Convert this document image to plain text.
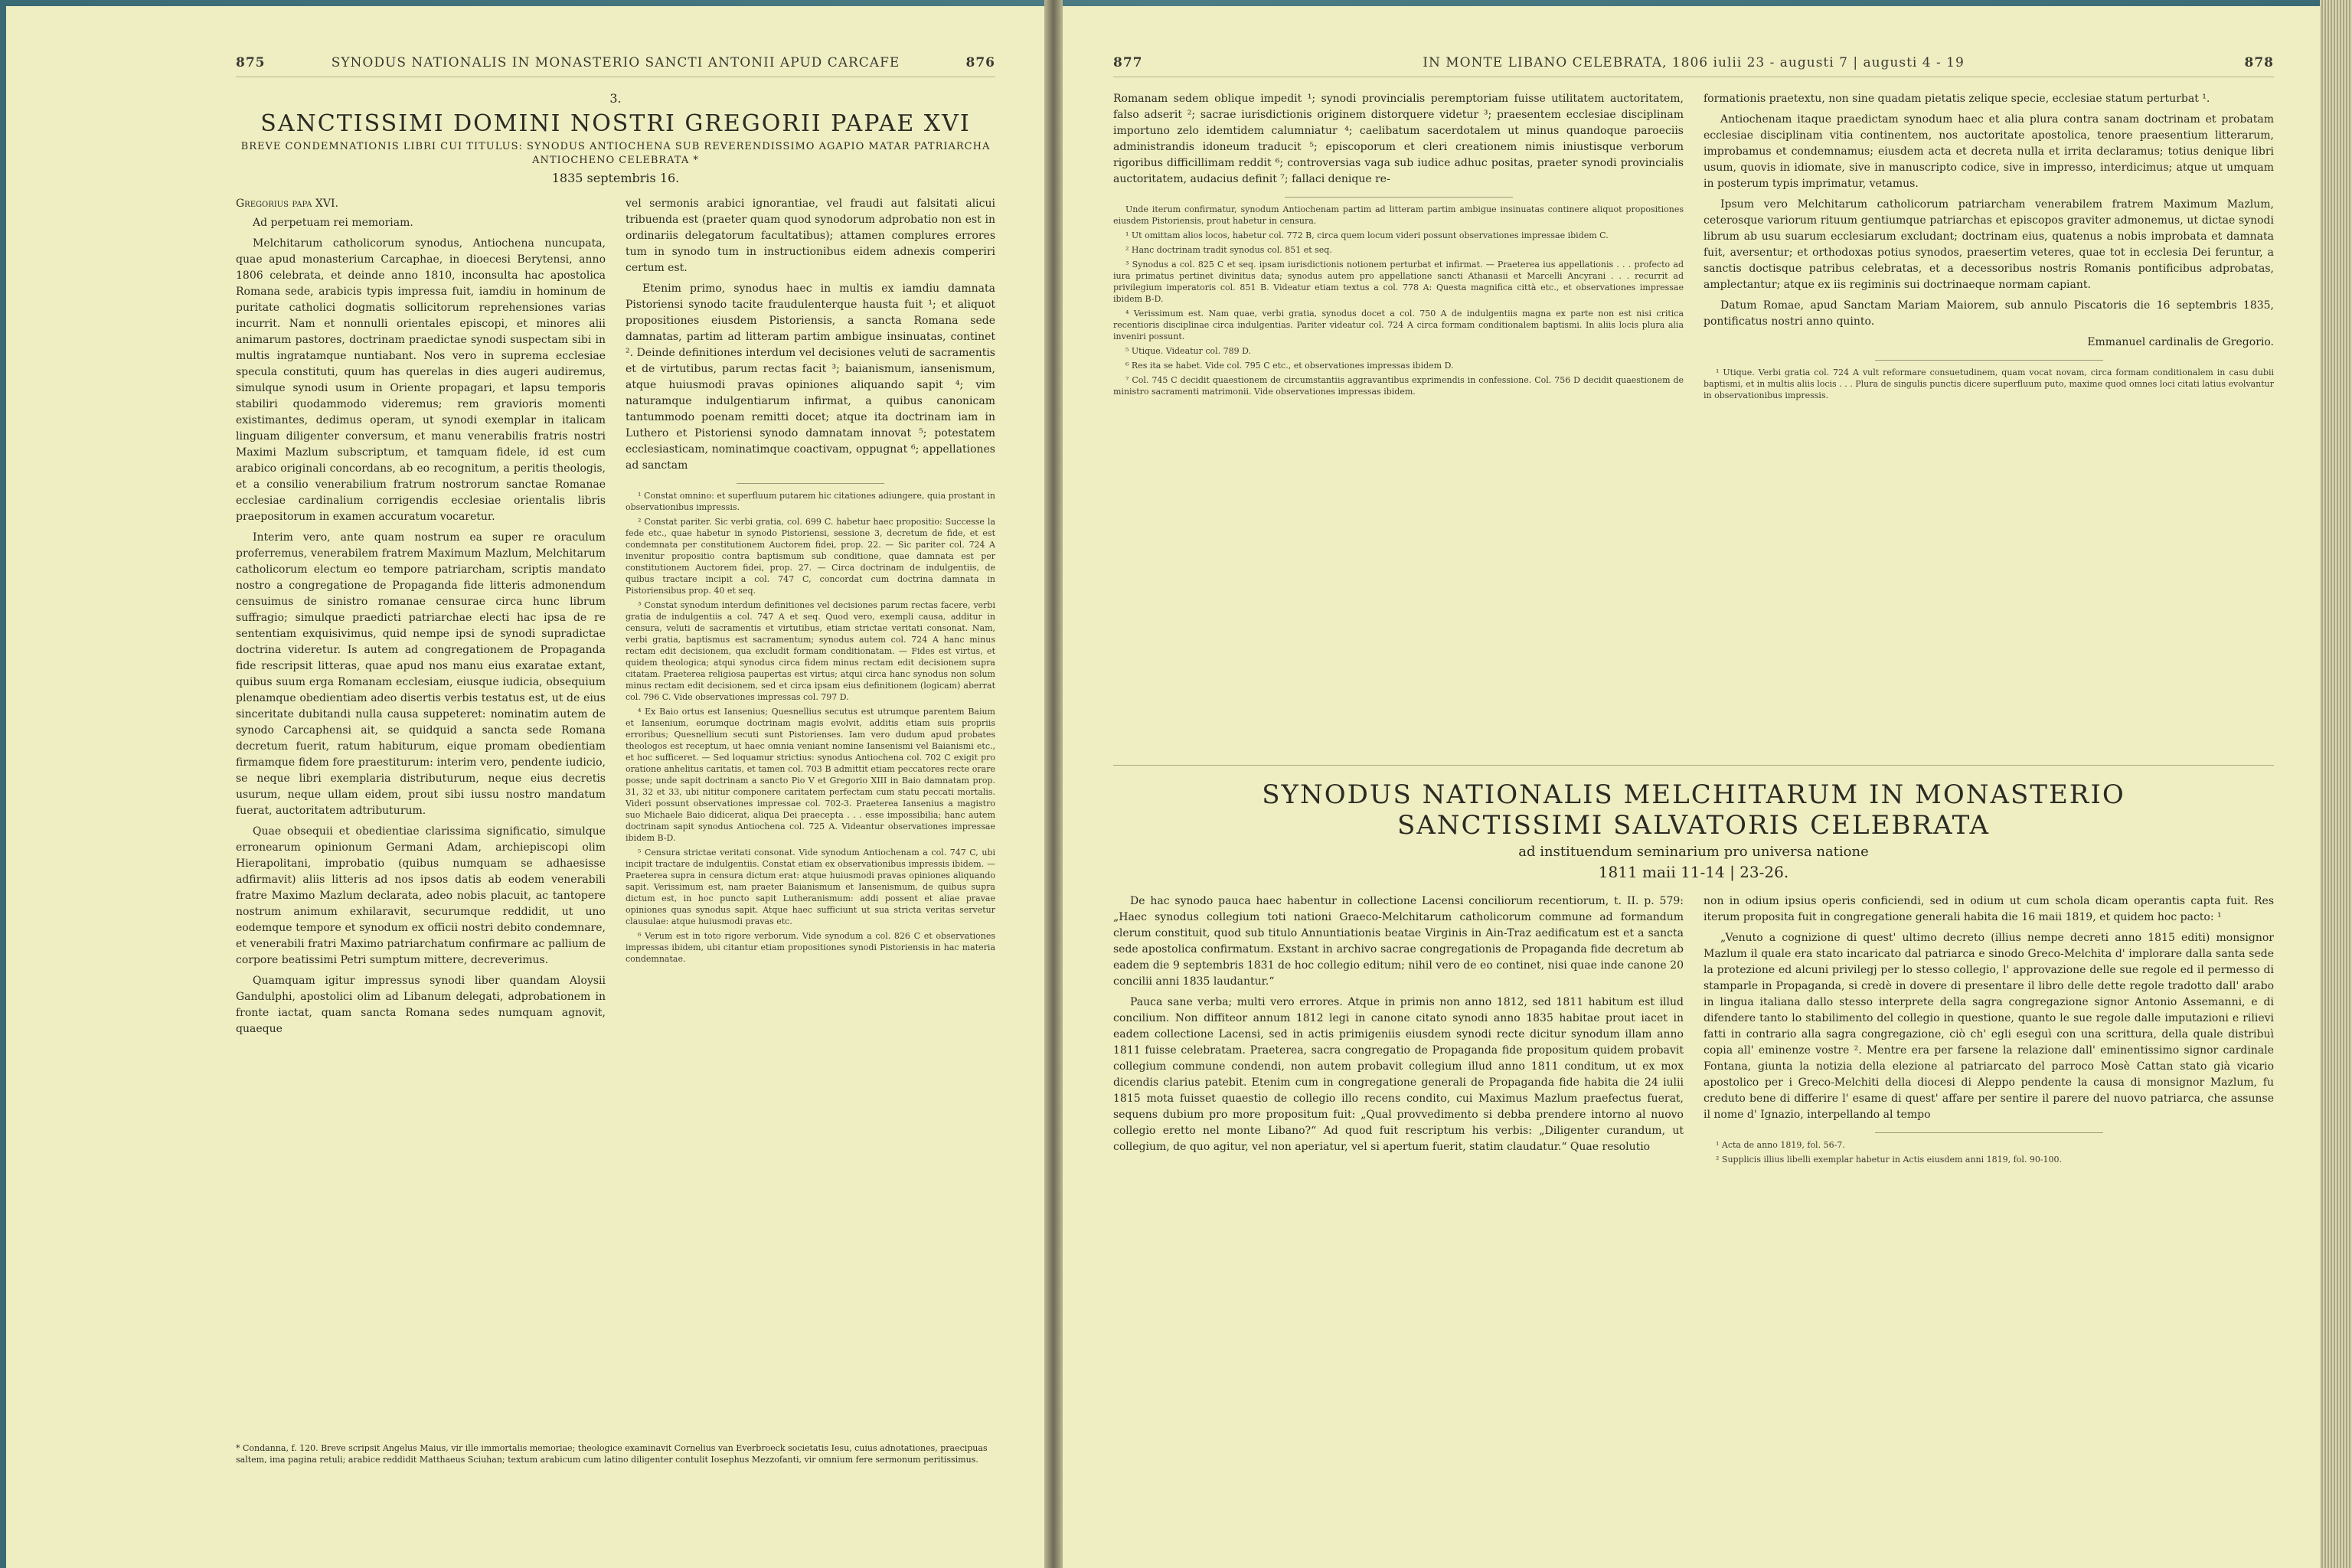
875	SYNODUS NATIONALIS IN MONASTERIO SANCTI ANTONII APUD CARCAFE	876
3.
SANCTISSIMI DOMINI NOSTRI GREGORII PAPAE XVI
BREVE CONDEMNATIONIS LIBRI CUI TITULUS: SYNODUS ANTIOCHENA SUB REVERENDISSIMO AGAPIO MATAR PATRIARCHA ANTIOCHENO CELEBRATA *
1835 septembris 16.
Gregorius papa XVI.

Ad perpetuam rei memoriam.

Melchitarum catholicorum synodus, Antiochena nuncupata, quae apud monasterium Carcaphae, in dioecesi Berytensi, anno 1806 celebrata, et deinde anno 1810, inconsulta hac apostolica Romana sede, arabicis typis impressa fuit, iamdiu in hominum de puritate catholici dogmatis sollicitorum reprehensiones varias incurrit. Nam et nonnulli orientales episcopi, et minores alii animarum pastores, doctrinam praedictae synodi suspectam sibi in multis ingratamque nuntiabant. Nos vero in suprema ecclesiae specula constituti, quum has querelas in dies augeri audiremus, simulque synodi usum in Oriente propagari, et lapsu temporis stabiliri quodammodo videremus; rem gravioris momenti existimantes, dedimus operam, ut synodi exemplar in italicam linguam diligenter conversum, et manu venerabilis fratris nostri Maximi Mazlum subscriptum, et tamquam fidele, id est cum arabico originali concordans, ab eo recognitum, a peritis theologis, et a consilio venerabilium fratrum nostrorum sanctae Romanae ecclesiae cardinalium corrigendis ecclesiae orientalis libris praepositorum in examen accuratum vocaretur.

Interim vero, ante quam nostrum ea super re oraculum proferremus, venerabilem fratrem Maximum Mazlum, Melchitarum catholicorum electum eo tempore patriarcham, scriptis mandato nostro a congregatione de Propaganda fide litteris admonendum censuimus de sinistro romanae censurae circa hunc librum suffragio; simulque praedicti patriarchae electi hac ipsa de re sententiam exquisivimus, quid nempe ipsi de synodi supradictae doctrina videretur. Is autem ad congregationem de Propaganda fide rescripsit litteras, quae apud nos manu eius exaratae extant, quibus suum erga Romanam ecclesiam, eiusque iudicia, obsequium plenamque obedientiam adeo disertis verbis testatus est, ut de eius sinceritate dubitandi nulla causa suppeteret: nominatim autem de synodo Carcaphensi ait, se quidquid a sancta sede Romana decretum fuerit, ratum habiturum, eique promam obedientiam firmamque fidem fore praestiturum: interim vero, pendente iudicio, se neque libri exemplaria distributurum, neque eius decretis usurum, neque ullam eidem, prout sibi iussu nostro mandatum fuerat, auctoritatem adtributurum.

Quae obsequii et obedientiae clarissima significatio, simulque erronearum opinionum Germani Adam, archiepiscopi olim Hierapolitani, improbatio (quibus numquam se adhaesisse adfirmavit) aliis litteris ad nos ipsos datis ab eodem venerabili fratre Maximo Mazlum declarata, adeo nobis placuit, ac tantopere nostrum animum exhilaravit, securumque reddidit, ut uno eodemque tempore et synodum ex officii nostri debito condemnare, et venerabili fratri Maximo patriarchatum confirmare ac pallium de corpore beatissimi Petri sumptum mittere, decreverimus.

Quamquam igitur impressus synodi liber quandam Aloysii Gandulphi, apostolici olim ad Libanum delegati, adprobationem in fronte iactat, quam sancta Romana sedes numquam agnovit, quaeque

vel sermonis arabici ignorantiae, vel fraudi aut falsitati alicui tribuenda est (praeter quam quod synodorum adprobatio non est in ordinariis delegatorum facultatibus); attamen complures errores tum in synodo tum in instructionibus eidem adnexis comperiri certum est.

Etenim primo, synodus haec in multis ex iamdiu damnata Pistoriensi synodo tacite fraudulenterque hausta fuit ¹; et aliquot propositiones eiusdem Pistoriensis, a sancta Romana sede damnatas, partim ad litteram partim ambigue insinuatas, continet ². Deinde definitiones interdum vel decisiones veluti de sacramentis et de virtutibus, parum rectas facit ³; baianismum, iansenismum, atque huiusmodi pravas opiniones aliquando sapit ⁴; vim naturamque indulgentiarum infirmat, a quibus canonicam tantummodo poenam remitti docet; atque ita doctrinam iam in Luthero et Pistoriensi synodo damnatam innovat ⁵; potestatem ecclesiasticam, nominatimque coactivam, oppugnat ⁶; appellationes ad sanctam

¹ Constat omnino: et superfluum putarem hic citationes adiungere, quia prostant in observationibus impressis.

² Constat pariter. Sic verbi gratia, col. 699 C. habetur haec propositio: Successe la fede etc., quae habetur in synodo Pistoriensi, sessione 3, decretum de fide, et est condemnata per constitutionem Auctorem fidei, prop. 22. — Sic pariter col. 724 A invenitur propositio contra baptismum sub conditione, quae damnata est per constitutionem Auctorem fidei, prop. 27. — Circa doctrinam de indulgentiis, de quibus tractare incipit a col. 747 C, concordat cum doctrina damnata in Pistoriensibus prop. 40 et seq.

³ Constat synodum interdum definitiones vel decisiones parum rectas facere, verbi gratia de indulgentiis a col. 747 A et seq. Quod vero, exempli causa, additur in censura, veluti de sacramentis et virtutibus, etiam strictae veritati consonat. Nam, verbi gratia, baptismus est sacramentum; synodus autem col. 724 A hanc minus rectam edit decisionem, qua excludit formam conditionatam. — Fides est virtus, et quidem theologica; atqui synodus circa fidem minus rectam edit decisionem supra citatam. Praeterea religiosa paupertas est virtus; atqui circa hanc synodus non solum minus rectam edit decisionem, sed et circa ipsam eius definitionem (logicam) aberrat col. 796 C. Vide observationes impressas col. 797 D.

⁴ Ex Baio ortus est Iansenius; Quesnellius secutus est utrumque parentem Baium et Iansenium, eorumque doctrinam magis evolvit, additis etiam suis propriis erroribus; Quesnellium secuti sunt Pistorienses. Iam vero dudum apud probates theologos est receptum, ut haec omnia veniant nomine Iansenismi vel Baianismi etc., et hoc sufficeret. — Sed loquamur strictius: synodus Antiochena col. 702 C exigit pro oratione anhelitus caritatis, et tamen col. 703 B admittit etiam peccatores recte orare posse; unde sapit doctrinam a sancto Pio V et Gregorio XIII in Baio damnatam prop. 31, 32 et 33, ubi nititur componere caritatem perfectam cum statu peccati mortalis. Videri possunt observationes impressae col. 702-3. Praeterea Iansenius a magistro suo Michaele Baio didicerat, aliqua Dei praecepta . . . esse impossibilia; hanc autem doctrinam sapit synodus Antiochena col. 725 A. Videantur observationes impressae ibidem B-D.

⁵ Censura strictae veritati consonat. Vide synodum Antiochenam a col. 747 C, ubi incipit tractare de indulgentiis. Constat etiam ex observationibus impressis ibidem. — Praeterea supra in censura dictum erat: atque huiusmodi pravas opiniones aliquando sapit. Verissimum est, nam praeter Baianismum et Iansenismum, de quibus supra dictum est, in hoc puncto sapit Lutheranismum: addi possent et aliae pravae opiniones quas synodus sapit. Atque haec sufficiunt ut sua stricta veritas servetur clausulae: atque huiusmodi pravas etc.

⁶ Verum est in toto rigore verborum. Vide synodum a col. 826 C et observationes impressas ibidem, ubi citantur etiam propositiones synodi Pistoriensis in hac materia condemnatae.

* Condanna, f. 120. Breve scripsit Angelus Maius, vir ille immortalis memoriae; theologice examinavit Cornelius van Everbroeck societatis Iesu, cuius adnotationes, praecipuas saltem, ima pagina retuli; arabice reddidit Matthaeus Sciuhan; textum arabicum cum latino diligenter contulit Iosephus Mezzofanti, vir omnium fere sermonum peritissimus.

877	IN MONTE LIBANO CELEBRATA, 1806 iulii 23 - augusti 7 | augusti 4 - 19	878

Romanam sedem oblique impedit ¹; synodi provincialis peremptoriam fuisse utilitatem auctoritatem, falso adserit ²; sacrae iurisdictionis originem distorquere videtur ³; praesentem ecclesiae disciplinam importuno zelo idemtidem calumniatur ⁴; caelibatum sacerdotalem ut minus quandoque paroeciis administrandis idoneum traducit ⁵; episcoporum et cleri creationem nimis iniustisque verborum rigoribus difficillimam reddit ⁶; controversias vaga sub iudice adhuc positas, praeter synodi provincialis auctoritatem, audacius definit ⁷; fallaci denique re-

Unde iterum confirmatur, synodum Antiochenam partim ad litteram partim ambigue insinuatas continere aliquot propositiones eiusdem Pistoriensis, prout habetur in censura.

¹ Ut omittam alios locos, habetur col. 772 B, circa quem locum videri possunt observationes impressae ibidem C.

² Hanc doctrinam tradit synodus col. 851 et seq.

³ Synodus a col. 825 C et seq. ipsam iurisdictionis notionem perturbat et infirmat. — Praeterea ius appellationis . . . profecto ad iura primatus pertinet divinitus data; synodus autem pro appellatione sancti Athanasii et Marcelli Ancyrani . . . recurrit ad privilegium imperatoris col. 851 B. Videatur etiam textus a col. 778 A: Questa magnifica città etc., et observationes impressae ibidem B-D.

⁴ Verissimum est. Nam quae, verbi gratia, synodus docet a col. 750 A de indulgentiis magna ex parte non est nisi critica recentioris disciplinae circa indulgentias. Pariter videatur col. 724 A circa formam conditionalem baptismi. In aliis locis plura alia inveniri possunt.

⁵ Utique. Videatur col. 789 D.

⁶ Res ita se habet. Vide col. 795 C etc., et observationes impressas ibidem D.

⁷ Col. 745 C decidit quaestionem de circumstantiis aggravantibus exprimendis in confessione. Col. 756 D decidit quaestionem de ministro sacramenti matrimonii. Vide observationes impressas ibidem.

formationis praetextu, non sine quadam pietatis zelique specie, ecclesiae statum perturbat ¹.

Antiochenam itaque praedictam synodum haec et alia plura contra sanam doctrinam et probatam ecclesiae disciplinam vitia continentem, nos auctoritate apostolica, tenore praesentium litterarum, improbamus et condemnamus; eiusdem acta et decreta nulla et irrita declaramus; totius denique libri usum, quovis in idiomate, sive in manuscripto codice, sive in impresso, interdicimus; atque ut umquam in posterum typis imprimatur, vetamus.

Ipsum vero Melchitarum catholicorum patriarcham venerabilem fratrem Maximum Mazlum, ceterosque variorum rituum gentiumque patriarchas et episcopos graviter admonemus, ut dictae synodi librum ab usu suarum ecclesiarum excludant; doctrinam eius, quatenus a nobis improbata et damnata fuit, aversentur; et orthodoxas potius synodos, praesertim veteres, quae tot in ecclesia Dei feruntur, a sanctis doctisque patribus celebratas, et a decessoribus nostris Romanis pontificibus adprobatas, amplectantur; atque ex iis regiminis sui doctrinaeque normam capiant.

Datum Romae, apud Sanctam Mariam Maiorem, sub annulo Piscatoris die 16 septembris 1835, pontificatus nostri anno quinto.

Emmanuel cardinalis de Gregorio.

¹ Utique. Verbi gratia col. 724 A vult reformare consuetudinem, quam vocat novam, circa formam conditionalem in casu dubii baptismi, et in multis aliis locis . . . Plura de singulis punctis dicere superfluum puto, maxime quod omnes loci citati latius evolvantur in observationibus impressis.

SYNODUS NATIONALIS MELCHITARUM IN MONASTERIO
SANCTISSIMI SALVATORIS CELEBRATA
ad instituendum seminarium pro universa natione
1811 maii 11-14 | 23-26.

De hac synodo pauca haec habentur in collectione Lacensi conciliorum recentiorum, t. II. p. 579: „Haec synodus collegium toti nationi Graeco-Melchitarum catholicorum commune ad formandum clerum constituit, quod sub titulo Annuntiationis beatae Virginis in Ain-Traz aedificatum est et a sancta sede apostolica confirmatum. Exstant in archivo sacrae congregationis de Propaganda fide decretum ab eadem die 9 septembris 1831 de hoc collegio editum; nihil vero de eo continet, nisi quae inde canone 20 concilii anni 1835 laudantur.“

Pauca sane verba; multi vero errores. Atque in primis non anno 1812, sed 1811 habitum est illud concilium. Non diffiteor annum 1812 legi in canone citato synodi anno 1835 habitae prout iacet in eadem collectione Lacensi, sed in actis primigeniis eiusdem synodi recte dicitur synodum illam anno 1811 fuisse celebratam. Praeterea, sacra congregatio de Propaganda fide propositum quidem probavit collegium commune condendi, non autem probavit collegium illud anno 1811 conditum, ut ex mox dicendis clarius patebit. Etenim cum in congregatione generali de Propaganda fide habita die 24 iulii 1815 mota fuisset quaestio de collegio illo recens condito, cui Maximus Mazlum praefectus fuerat, sequens dubium pro more propositum fuit: „Qual provvedimento si debba prendere intorno al nuovo collegio eretto nel monte Libano?“ Ad quod fuit rescriptum his verbis: „Diligenter curandum, ut collegium, de quo agitur, vel non aperiatur, vel si apertum fuerit, statim claudatur.“ Quae resolutio

non in odium ipsius operis conficiendi, sed in odium ut cum schola dicam operantis capta fuit. Res iterum proposita fuit in congregatione generali habita die 16 maii 1819, et quidem hoc pacto: ¹

„Venuto a cognizione di quest' ultimo decreto (illius nempe decreti anno 1815 editi) monsignor Mazlum il quale era stato incaricato dal patriarca e sinodo Greco-Melchita d' implorare dalla santa sede la protezione ed alcuni privilegj per lo stesso collegio, l' approvazione delle sue regole ed il permesso di stamparle in Propaganda, si credè in dovere di presentare il libro delle dette regole tradotto dall' arabo in lingua italiana dallo stesso interprete della sagra congregazione signor Antonio Assemanni, e di difendere tanto lo stabilimento del collegio in questione, quanto le sue regole dalle imputazioni e rilievi fatti in contrario alla sagra congregazione, ciò ch' egli eseguì con una scrittura, della quale distribuì copia all' eminenze vostre ². Mentre era per farsene la relazione dall' eminentissimo signor cardinale Fontana, giunta la notizia della elezione al patriarcato del parroco Mosè Cattan stato già vicario apostolico per i Greco-Melchiti della diocesi di Aleppo pendente la causa di monsignor Mazlum, fu creduto bene di differire l' esame di quest' affare per sentire il parere del nuovo patriarca, che assunse il nome d' Ignazio, interpellando al tempo

¹ Acta de anno 1819, fol. 56-7.

² Supplicis illius libelli exemplar habetur in Actis eiusdem anni 1819, fol. 90-100.
